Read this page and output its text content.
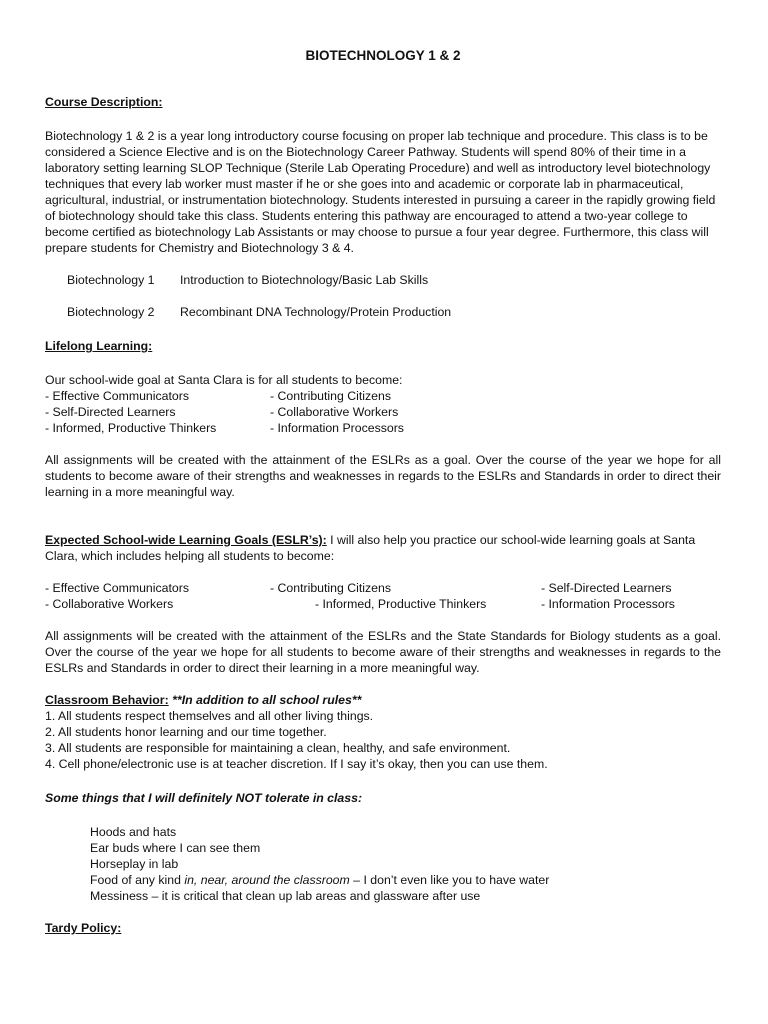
BIOTECHNOLOGY 1 & 2
Course Description:

Biotechnology 1 & 2 is a year long introductory course focusing on proper lab technique and procedure. This class is to be considered a Science Elective and is on the Biotechnology Career Pathway. Students will spend 80% of their time in a laboratory setting learning SLOP Technique (Sterile Lab Operating Procedure) and well as introductory level biotechnology techniques that every lab worker must master if he or she goes into and academic or corporate lab in pharmaceutical, agricultural, industrial, or instrumentation biotechnology. Students interested in pursuing a career in the rapidly growing field of biotechnology should take this class. Students entering this pathway are encouraged to attend a two-year college to become certified as biotechnology Lab Assistants or may choose to pursue a four year degree. Furthermore, this class will prepare students for Chemistry and Biotechnology 3 & 4.

Biotechnology 1	Introduction to Biotechnology/Basic Lab Skills
Biotechnology 2	Recombinant DNA Technology/Protein Production
Lifelong Learning:

Our school-wide goal at Santa Clara is for all students to become:

- Effective Communicators	- Contributing Citizens
- Self-Directed Learners	- Collaborative Workers
- Informed, Productive Thinkers	- Information Processors

All assignments will be created with the attainment of the ESLRs as a goal. Over the course of the year we hope for all students to become aware of their strengths and weaknesses in regards to the ESLRs and Standards in order to direct their learning in a more meaningful way.

Expected School-wide Learning Goals (ESLR’s): I will also help you practice our school-wide learning goals at Santa Clara, which includes helping all students to become:

- Effective Communicators	- Contributing Citizens	- Self-Directed Learners
- Collaborative Workers	- Informed, Productive Thinkers	- Information Processors

All assignments will be created with the attainment of the ESLRs and the State Standards for Biology students as a goal. Over the course of the year we hope for all students to become aware of their strengths and weaknesses in regards to the ESLRs and Standards in order to direct their learning in a more meaningful way.

Classroom Behavior: **In addition to all school rules**
1. All students respect themselves and all other living things.
2. All students honor learning and our time together.
3. All students are responsible for maintaining a clean, healthy, and safe environment.
4. Cell phone/electronic use is at teacher discretion. If I say it’s okay, then you can use them.
Some things that I will definitely NOT tolerate in class:
Hoods and hats
Ear buds where I can see them
Horseplay in lab
Food of any kind in, near, around the classroom – I don’t even like you to have water
Messiness – it is critical that clean up lab areas and glassware after use
Tardy Policy:
